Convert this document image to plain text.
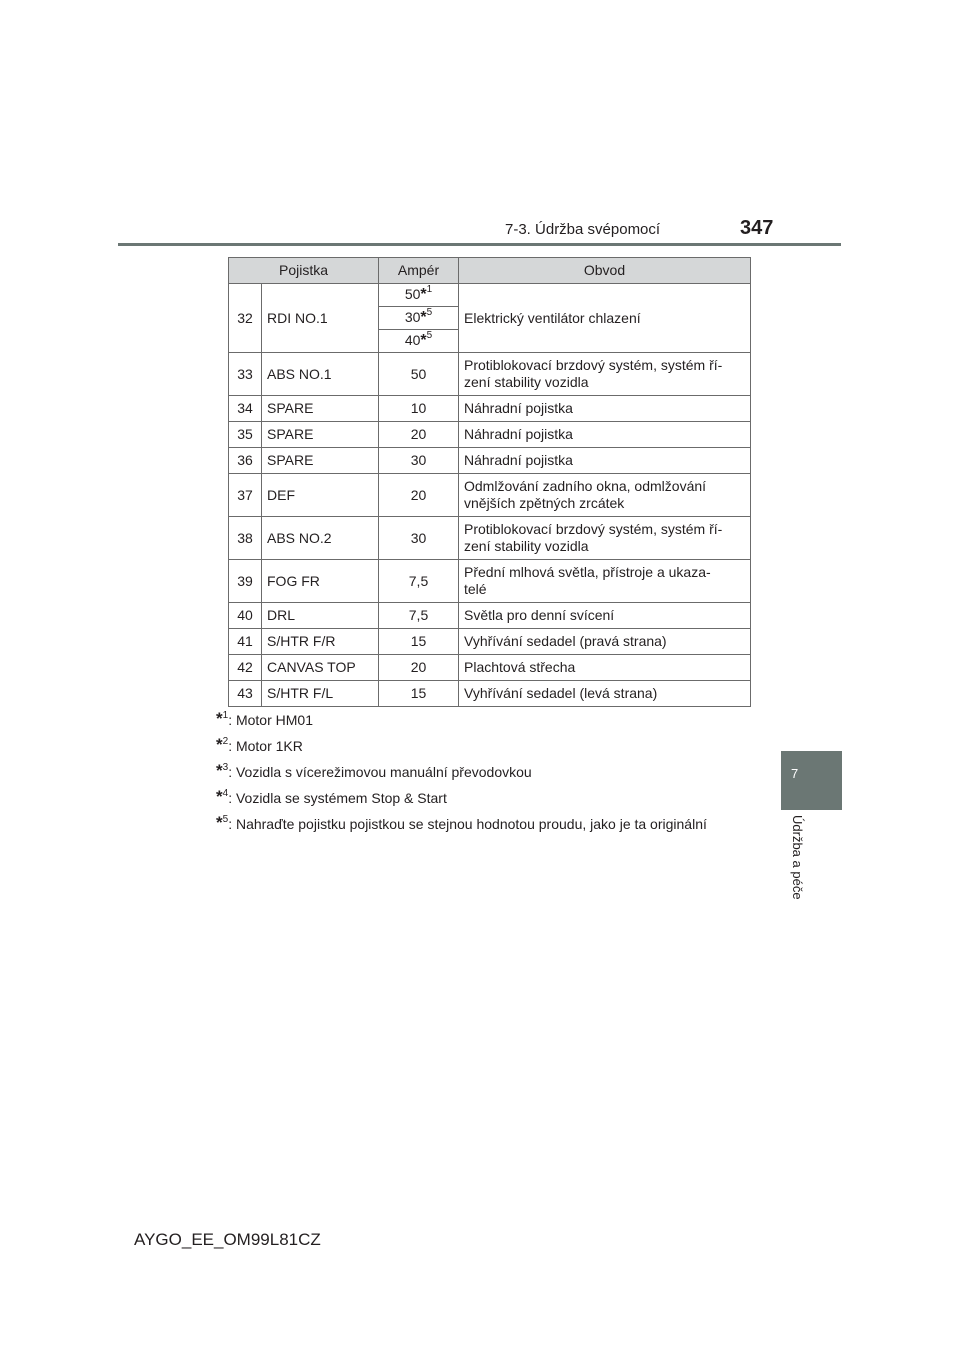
7-3. Údržba svépomocí	347
7
Údržba a péče
Pojistka		Ampér	Obvod
32	RDI NO.1	50*$^1$	Elektrický ventilátor chlazení
		30*$^5$
		40*$^5$
33	ABS NO.1	50	Protiblokovací brzdový systém, systém ří-
zení stability vozidla
34	SPARE	10	Náhradní pojistka
35	SPARE	20	Náhradní pojistka
36	SPARE	30	Náhradní pojistka
37	DEF	20	Odmlžování zadního okna, odmlžování
vnějších zpětných zrcátek
38	ABS NO.2	30	Protiblokovací brzdový systém, systém ří-
zení stability vozidla
39	FOG FR	7,5	Přední mlhová světla, přístroje a ukaza-
telé
40	DRL	7,5	Světla pro denní svícení
41	S/HTR F/R	15	Vyhřívání sedadel (pravá strana)
42	CANVAS TOP	20	Plachtová střecha
43	S/HTR F/L	15	Vyhřívání sedadel (levá strana)
*$^1$: Motor HM01
*$^2$: Motor 1KR
*$^3$: Vozidla s vícerežimovou manuální převodovkou
*$^4$: Vozidla se systémem Stop & Start
*$^5$: Nahraďte pojistku pojistkou se stejnou hodnotou proudu, jako je ta originální
AYGO_EE_OM99L81CZ
